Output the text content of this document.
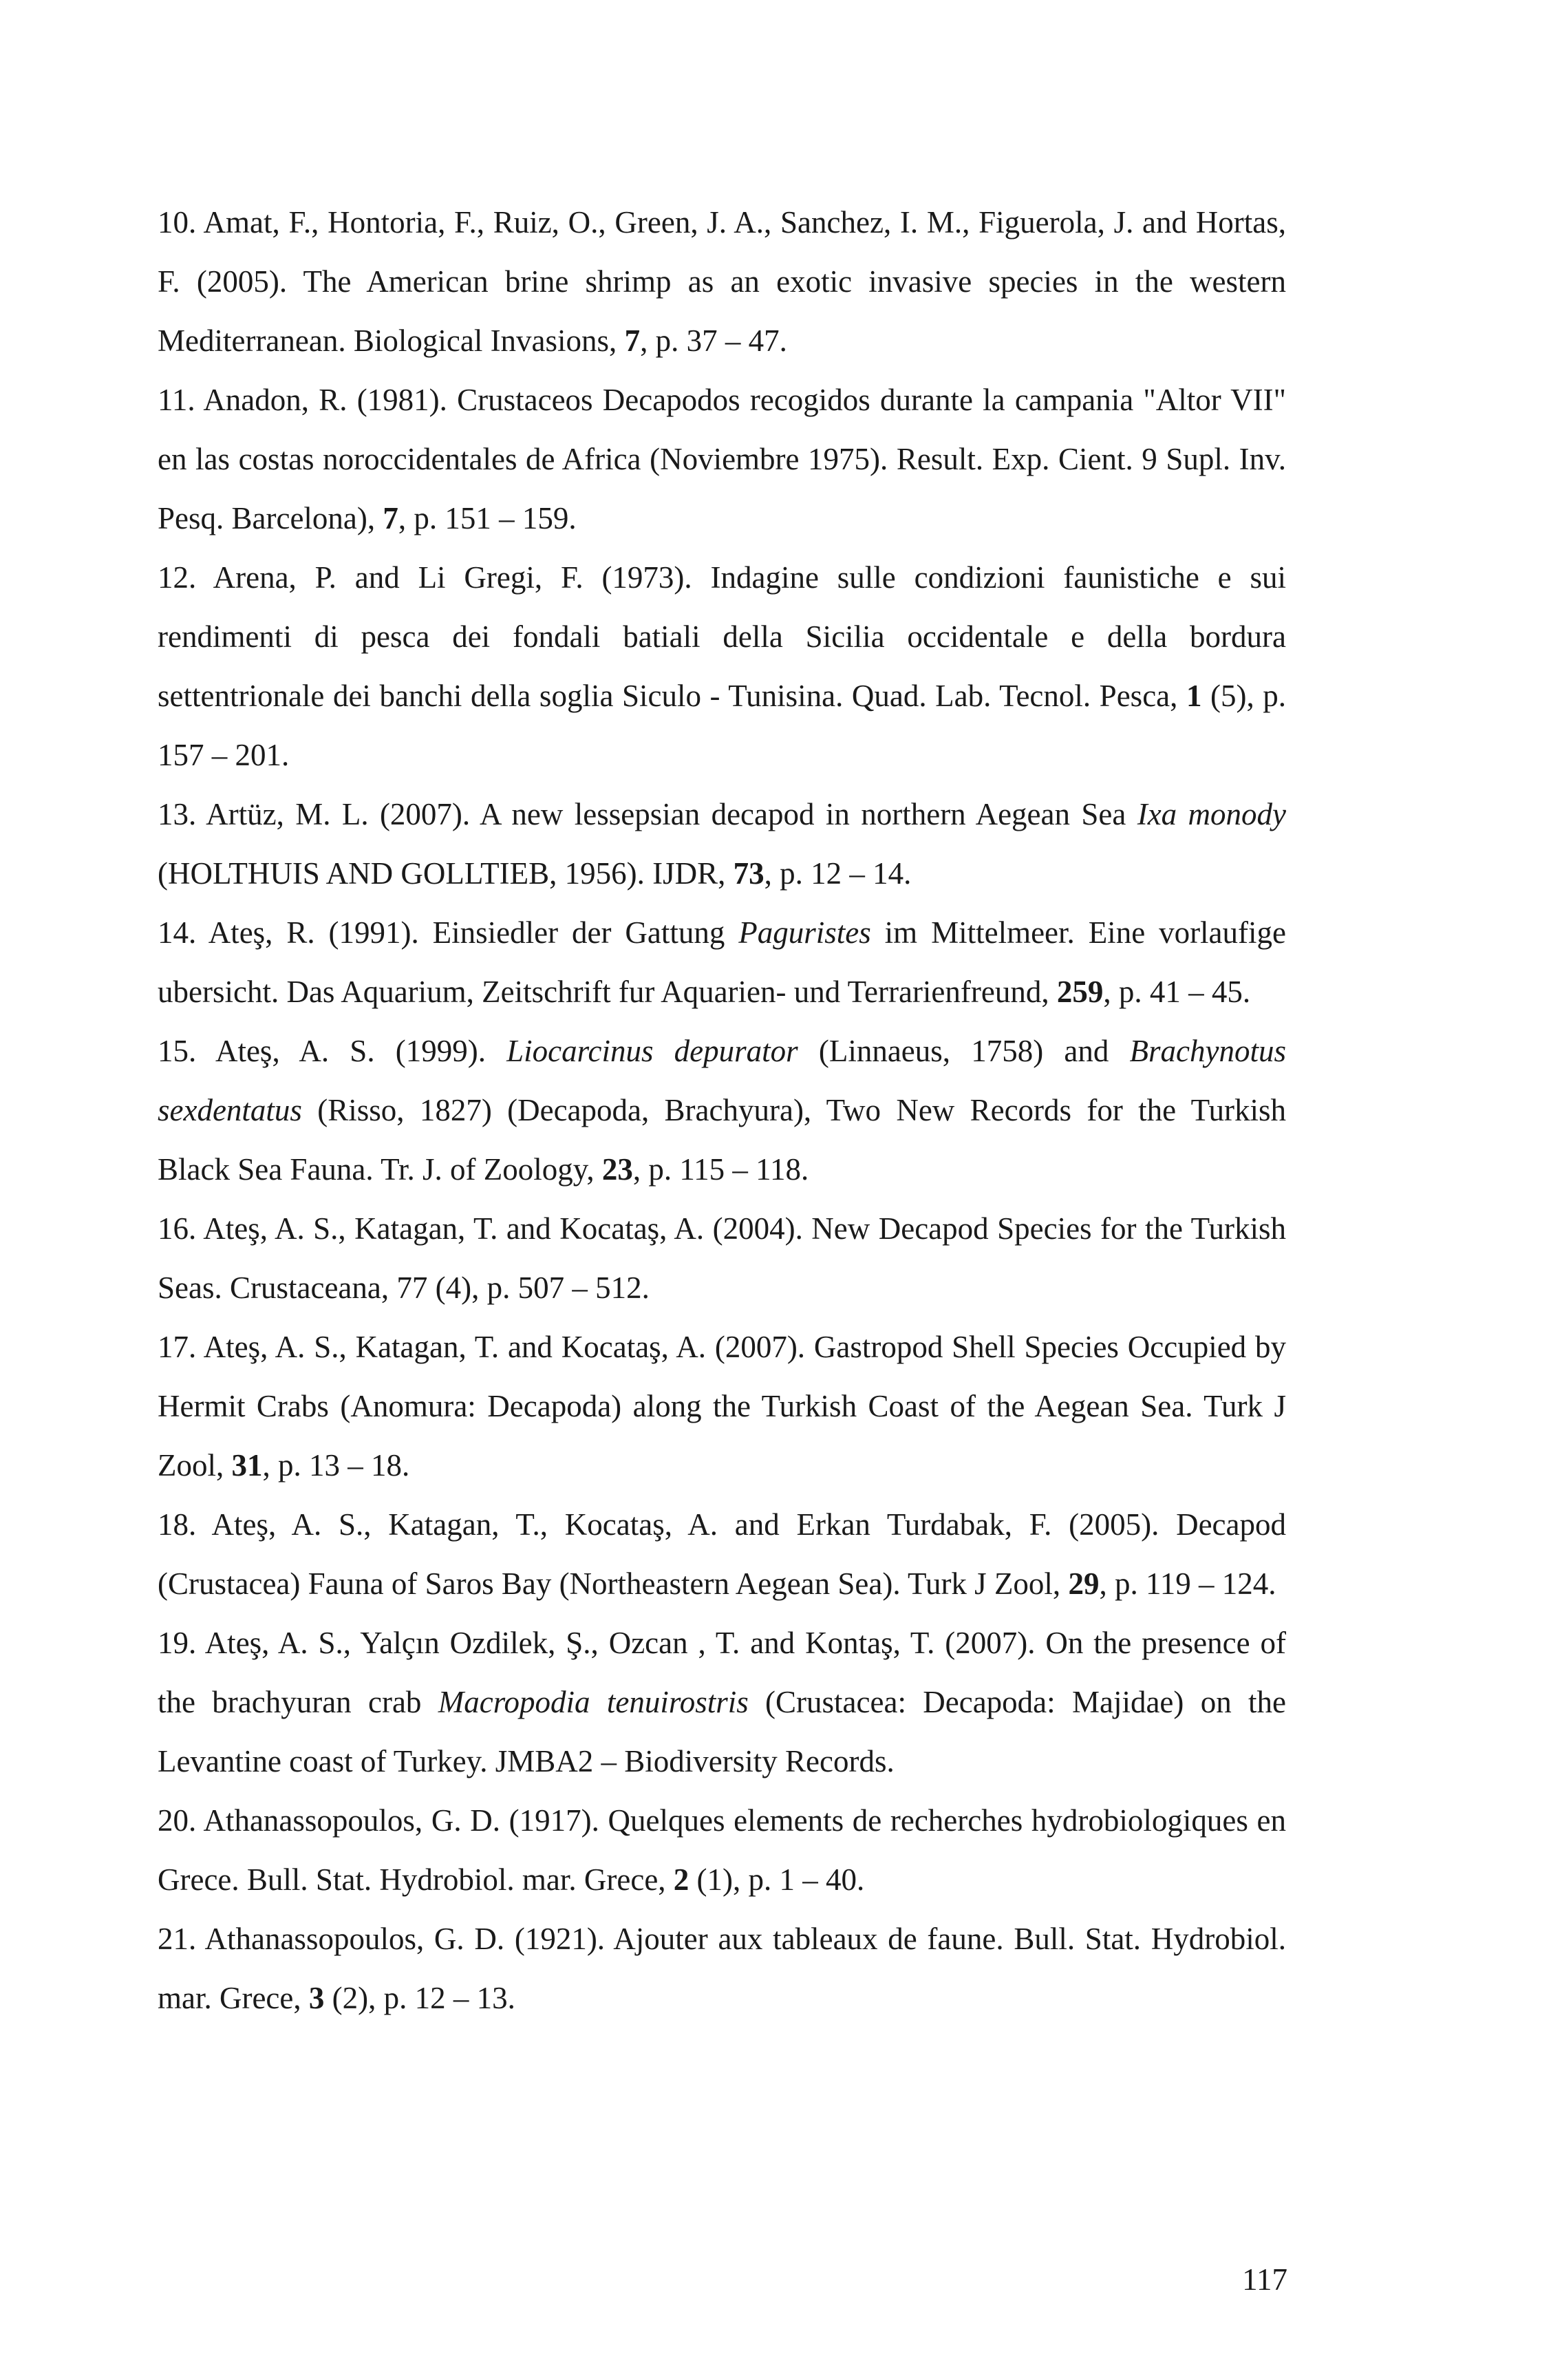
10. Amat, F., Hontoria, F., Ruiz, O., Green, J. A., Sanchez, I. M., Figuerola, J. and Hortas, F. (2005). The American brine shrimp as an exotic invasive species in the western Mediterranean. Biological Invasions, 7, p. 37 – 47.
11. Anadon, R. (1981). Crustaceos Decapodos recogidos durante la campania "Altor VII" en las costas noroccidentales de Africa (Noviembre 1975). Result. Exp. Cient. 9 Supl. Inv. Pesq. Barcelona), 7, p. 151 – 159.
12. Arena, P. and Li Gregi, F. (1973). Indagine sulle condizioni faunistiche e sui rendimenti di pesca dei fondali batiali della Sicilia occidentale e della bordura settentrionale dei banchi della soglia Siculo - Tunisina. Quad. Lab. Tecnol. Pesca, 1 (5), p. 157 – 201.
13. Artüz, M. L. (2007). A new lessepsian decapod in northern Aegean Sea Ixa monody (HOLTHUIS AND GOLLTIEB, 1956). IJDR, 73, p. 12 – 14.
14. Ateş, R. (1991). Einsiedler der Gattung Paguristes im Mittelmeer. Eine vorlaufige ubersicht. Das Aquarium, Zeitschrift fur Aquarien- und Terrarienfreund, 259, p. 41 – 45.
15. Ateş, A. S. (1999). Liocarcinus depurator (Linnaeus, 1758) and Brachynotus sexdentatus (Risso, 1827) (Decapoda, Brachyura), Two New Records for the Turkish Black Sea Fauna. Tr. J. of Zoology, 23, p. 115 – 118.
16. Ateş, A. S., Katagan, T. and Kocataş, A. (2004). New Decapod Species for the Turkish Seas. Crustaceana, 77 (4), p. 507 – 512.
17. Ateş, A. S., Katagan, T. and Kocataş, A. (2007). Gastropod Shell Species Occupied by Hermit Crabs (Anomura: Decapoda) along the Turkish Coast of the Aegean Sea. Turk J Zool, 31, p. 13 – 18.
18. Ateş, A. S., Katagan, T., Kocataş, A. and Erkan Turdabak, F. (2005). Decapod (Crustacea) Fauna of Saros Bay (Northeastern Aegean Sea). Turk J Zool, 29, p. 119 – 124.
19. Ateş, A. S., Yalçın Ozdilek, Ş., Ozcan , T. and Kontaş, T. (2007). On the presence of the brachyuran crab Macropodia tenuirostris (Crustacea: Decapoda: Majidae) on the Levantine coast of Turkey. JMBA2 – Biodiversity Records.
20. Athanassopoulos, G. D. (1917). Quelques elements de recherches hydrobiologiques en Grece. Bull. Stat. Hydrobiol. mar. Grece, 2 (1), p. 1 – 40.
21. Athanassopoulos, G. D. (1921). Ajouter aux tableaux de faune. Bull. Stat. Hydrobiol. mar. Grece, 3 (2), p. 12 – 13.
117
